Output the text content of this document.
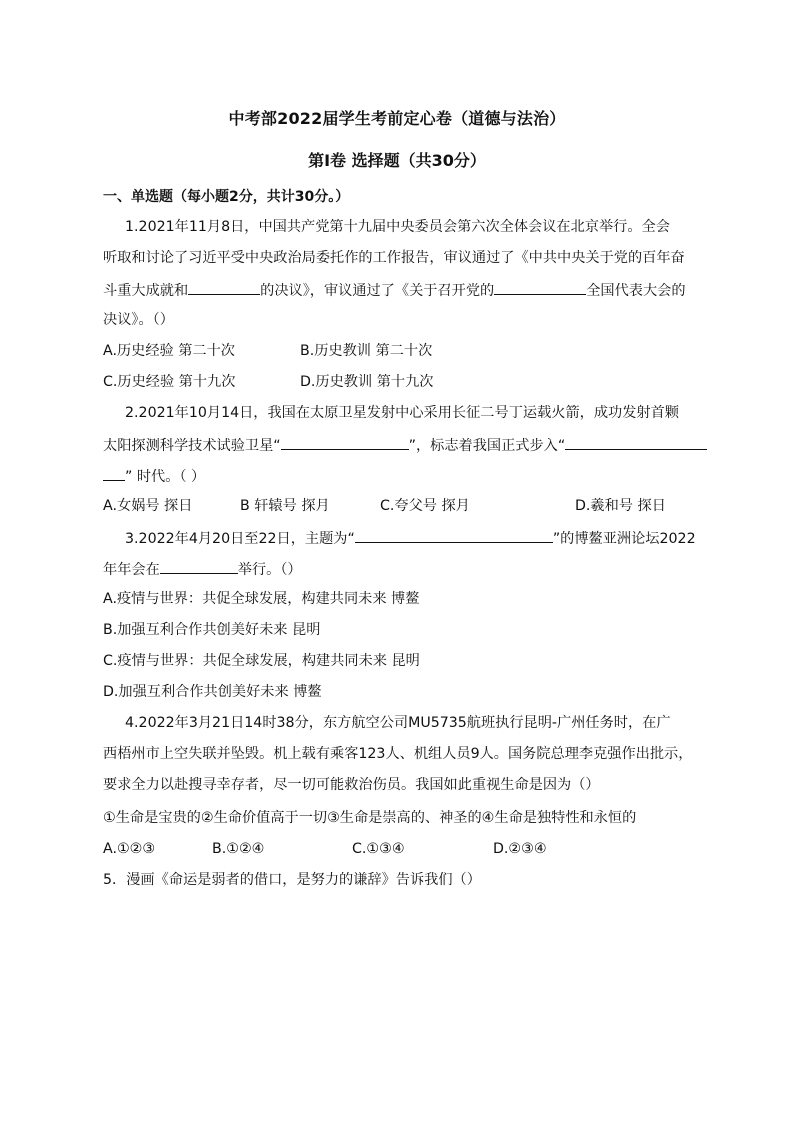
中考部2022届学生考前定心卷（道德与法治）
第Ⅰ卷 选择题（共30分）
一、单选题（每小题2分，共计30分。）
1.2021年11月8日，中国共产党第十九届中央委员会第六次全体会议在北京举行。全会
听取和讨论了习近平受中央政治局委托作的工作报告，审议通过了《中共中央关于党的百年奋
斗重大成就和	的决议》，审议通过了《关于召开党的	全国代表大会的
决议》。（）
A.历史经验 第二十次	B.历史教训 第二十次
C.历史经验 第十九次	D.历史教训 第十九次
2.2021年10月14日，我国在太原卫星发射中心采用长征二号丁运载火箭，成功发射首颗
太阳探测科学技术试验卫星“	”，标志着我国正式步入“
” 时代。（ ）
A.女娲号 探日	B 轩辕号 探月	C.夸父号 探月	D.羲和号 探日
3.2022年4月20日至22日，主题为“	”的博鳌亚洲论坛2022
年年会在	举行。（）
A.疫情与世界：共促全球发展，构建共同未来 博鳌
B.加强互利合作共创美好未来 昆明
C.疫情与世界：共促全球发展，构建共同未来 昆明
D.加强互利合作共创美好未来 博鳌
4.2022年3月21日14时38分，东方航空公司MU5735航班执行昆明-广州任务时，在广
西梧州市上空失联并坠毁。机上载有乘客123人、机组人员9人。国务院总理李克强作出批示，
要求全力以赴搜寻幸存者，尽一切可能救治伤员。我国如此重视生命是因为（）
①生命是宝贵的②生命价值高于一切③生命是崇高的、神圣的④生命是独特性和永恒的
A.①②③	B.①②④	C.①③④	D.②③④
5．漫画《命运是弱者的借口，是努力的谦辞》告诉我们（）
